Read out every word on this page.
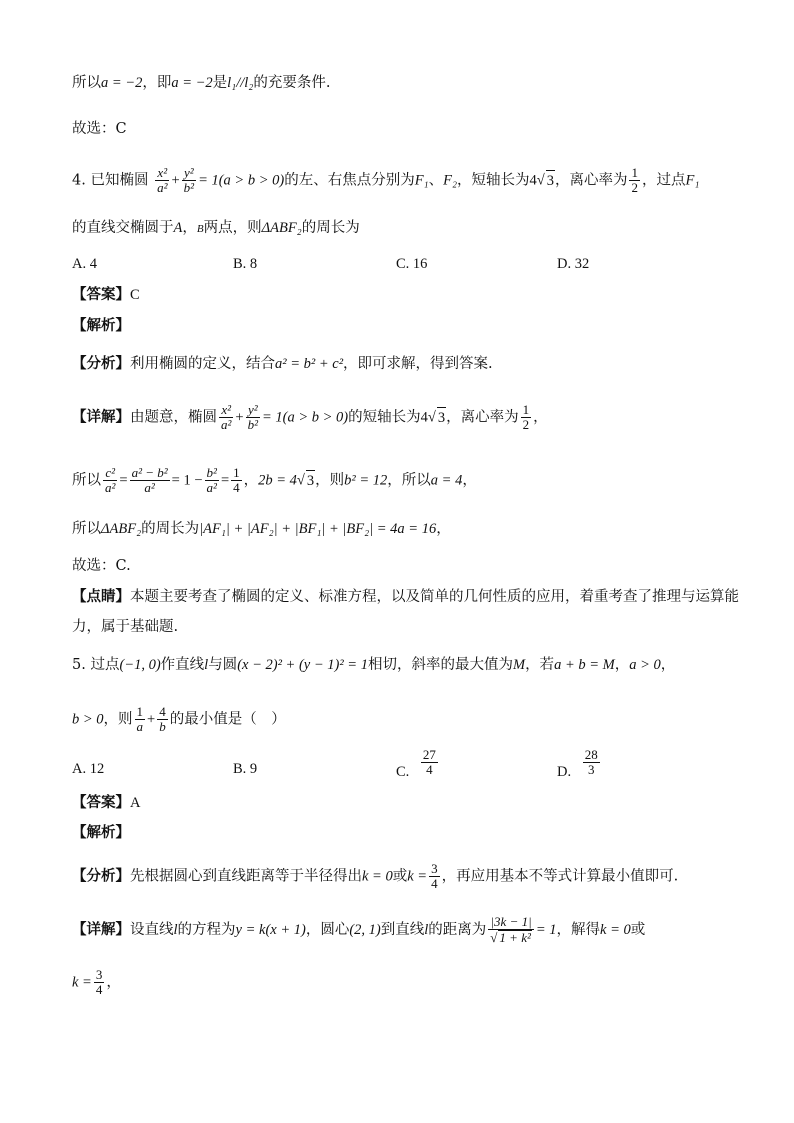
所以a = −2，即a = −2是l₁//l₂的充要条件.
故选：C
4. 已知椭圆 $\frac{\text{x²}}{\text{a²}} + \frac{\text{y²}}{\text{b²}} = 1(a > b > 0)$的左、右焦点分别为F₁、F₂，短轴长为4√ 3，离心率为 $\frac{1}{2}$ ，过点F₁
的直线交椭圆于A，B两点，则ΔABF₂的周长为
A. 4	B. 8	C. 16	D. 32
【答案】C
【解析】
【分析】利用椭圆的定义，结合a² = b² + c²，即可求解，得到答案.
【详解】由题意，椭圆 $\frac{\text{x²}}{\text{a²}} + \frac{\text{y²}}{\text{b²}} = 1(a > b > 0)$的短轴长为4√ 3，离心率为 $\frac{1}{2}$ ，
所以 $\frac{\text{c²}}{\text{a²}} = \frac{\text{a² − b²}}{\text{a²}} = 1 - \frac{\text{b²}}{\text{a²}} = \frac{1}{4}$ ，2b = 4√ 3，则b² = 12，所以a = 4，
所以ΔABF₂的周长为|AF₁| + |AF₂| + |BF₁| + |BF₂| = 4a = 16，
故选：C.
【点睛】本题主要考查了椭圆的定义、标准方程，以及简单的几何性质的应用，着重考查了推理与运算能
力，属于基础题.
5. 过点(−1, 0)作直线l与圆(x − 2)² + (y − 1)² = 1相切，斜率的最大值为M，若a + b = M，a > 0，
b > 0，则 $\frac{1}{a} + \frac{4}{b}$ 的最小值是（　）
A. 12	B. 9	C. $\frac{27}{4}$	D. $\frac{28}{3}$
【答案】A
【解析】
【分析】先根据圆心到直线距离等于半径得出k = 0或$k = \frac{3}{4}$ ，再应用基本不等式计算最小值即可.
【详解】设直线l的方程为y = k(x + 1)，圆心(2, 1)到直线l的距离为 $\frac{|3k - 1|}{\text{√ 1 + k²}} = 1$，解得k = 0或
$k = \frac{3}{4}$ ，
